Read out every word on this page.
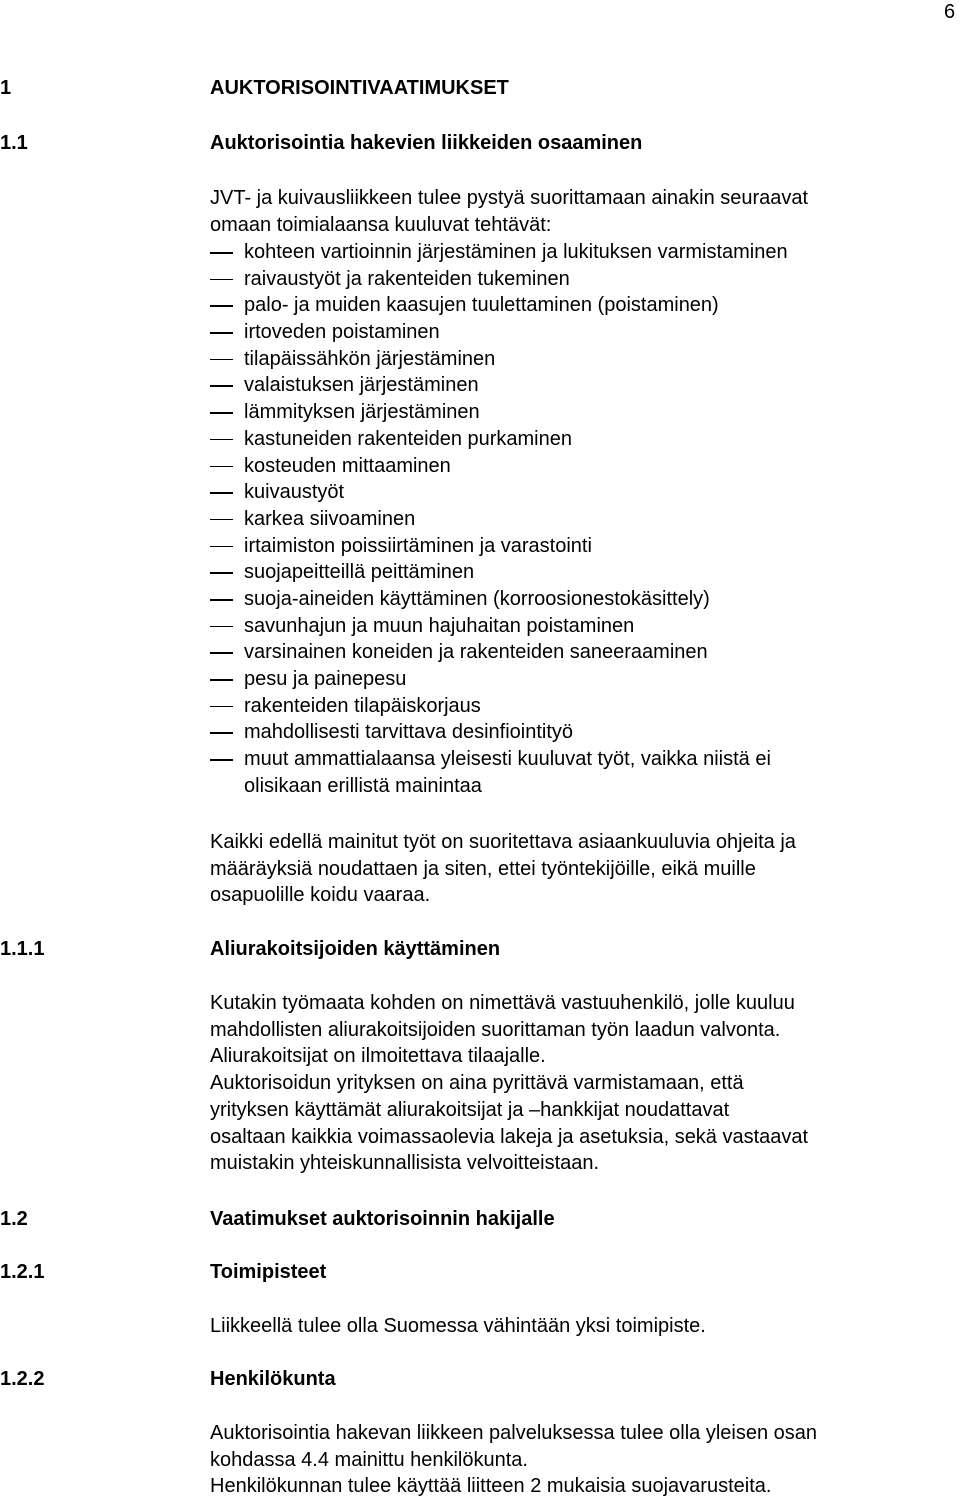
6
1	AUKTORISOINTIVAATIMUKSET
1.1	Auktorisointia hakevien liikkeiden osaaminen
JVT- ja kuivausliikkeen tulee pystyä suorittamaan ainakin seuraavat
omaan toimialaansa kuuluvat tehtävät:
kohteen vartioinnin järjestäminen ja lukituksen varmistaminen
raivaustyöt ja rakenteiden tukeminen
palo- ja muiden kaasujen tuulettaminen (poistaminen)
irtoveden poistaminen
tilapäissähkön järjestäminen
valaistuksen järjestäminen
lämmityksen järjestäminen
kastuneiden rakenteiden purkaminen
kosteuden mittaaminen
kuivaustyöt
karkea siivoaminen
irtaimiston poissiirtäminen ja varastointi
suojapeitteillä peittäminen
suoja-aineiden käyttäminen (korroosionestokäsittely)
savunhajun ja muun hajuhaitan poistaminen
varsinainen koneiden ja rakenteiden saneeraaminen
pesu ja painepesu
rakenteiden tilapäiskorjaus
mahdollisesti tarvittava desinfiointityö
muut ammattialaansa yleisesti kuuluvat työt, vaikka niistä ei
olisikaan erillistä mainintaa
Kaikki edellä mainitut työt on suoritettava asiaankuuluvia ohjeita ja
määräyksiä noudattaen ja siten, ettei työntekijöille, eikä muille
osapuolille koidu vaaraa.
1.1.1	Aliurakoitsijoiden käyttäminen
Kutakin työmaata kohden on nimettävä vastuuhenkilö, jolle kuuluu
mahdollisten aliurakoitsijoiden suorittaman työn laadun valvonta.
Aliurakoitsijat on ilmoitettava tilaajalle.
Auktorisoidun yrityksen on aina pyrittävä varmistamaan, että
yrityksen käyttämät aliurakoitsijat ja –hankkijat noudattavat
osaltaan kaikkia voimassaolevia lakeja ja asetuksia, sekä vastaavat
muistakin yhteiskunnallisista velvoitteistaan.
1.2	Vaatimukset auktorisoinnin hakijalle
1.2.1	Toimipisteet
Liikkeellä tulee olla Suomessa vähintään yksi toimipiste.
1.2.2	Henkilökunta
Auktorisointia hakevan liikkeen palveluksessa tulee olla yleisen osan
kohdassa 4.4 mainittu henkilökunta.
Henkilökunnan tulee käyttää liitteen 2 mukaisia suojavarusteita.
